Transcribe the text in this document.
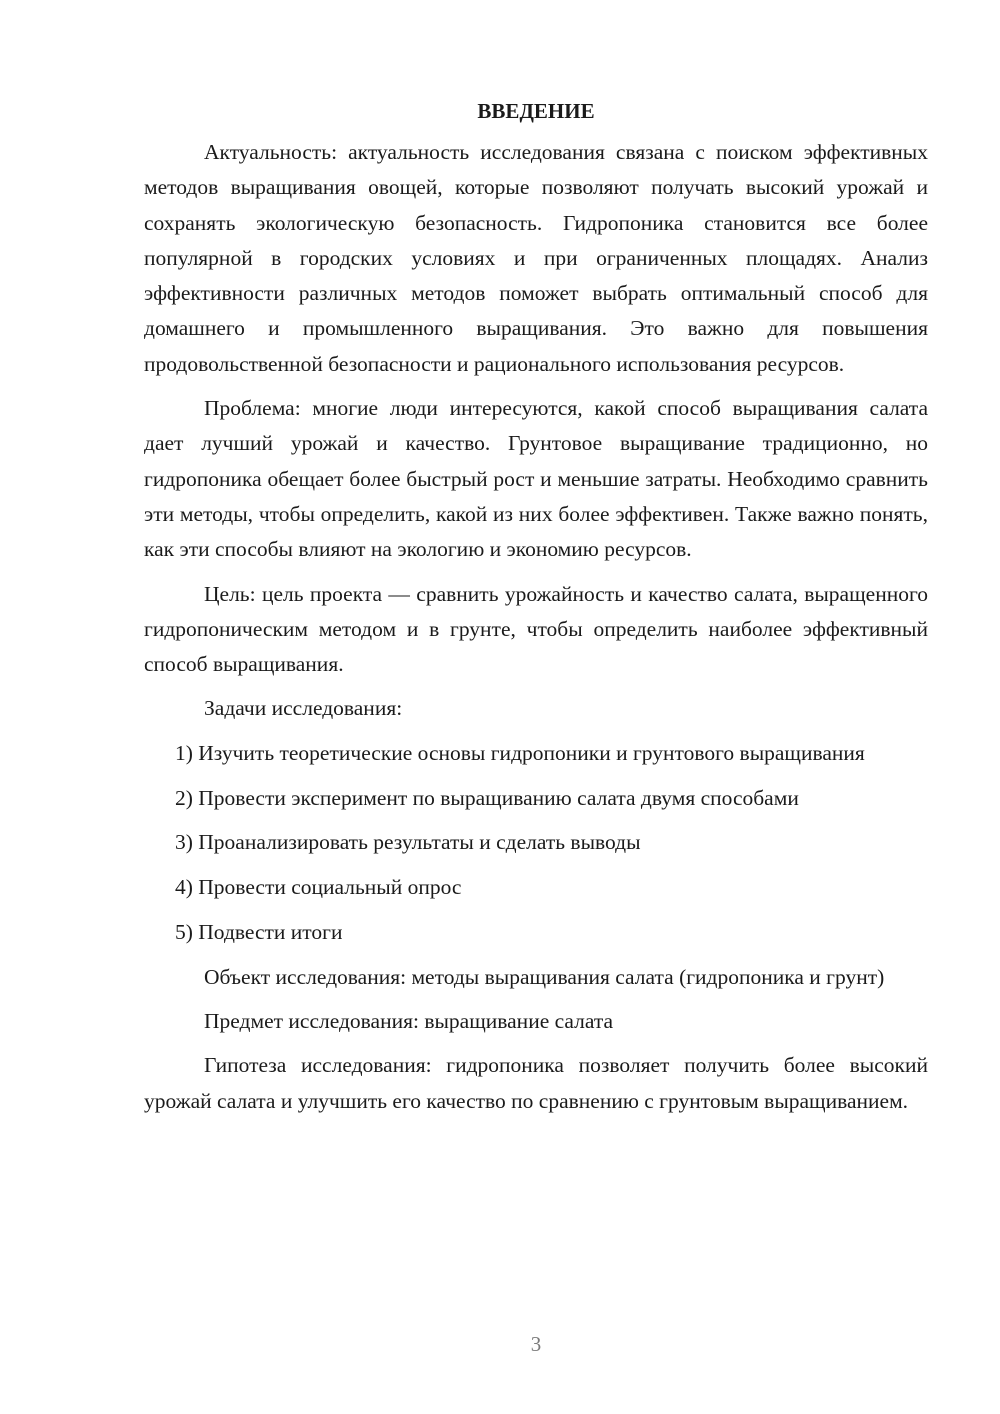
ВВЕДЕНИЕ

Актуальность: актуальность исследования связана с поиском эффективных методов выращивания овощей, которые позволяют получать высокий урожай и сохранять экологическую безопасность. Гидропоника становится все более популярной в городских условиях и при ограниченных площадях. Анализ эффективности различных методов поможет выбрать оптимальный способ для домашнего и промышленного выращивания. Это важно для повышения продовольственной безопасности и рационального использования ресурсов.

Проблема: многие люди интересуются, какой способ выращивания салата дает лучший урожай и качество. Грунтовое выращивание традиционно, но гидропоника обещает более быстрый рост и меньшие затраты. Необходимо сравнить эти методы, чтобы определить, какой из них более эффективен. Также важно понять, как эти способы влияют на экологию и экономию ресурсов.

Цель: цель проекта — сравнить урожайность и качество салата, выращенного гидропоническим методом и в грунте, чтобы определить наиболее эффективный способ выращивания.

Задачи исследования:

1) Изучить теоретические основы гидропоники и грунтового выращивания

2) Провести эксперимент по выращиванию салата двумя способами

3) Проанализировать результаты и сделать выводы

4) Провести социальный опрос

5) Подвести итоги

Объект исследования: методы выращивания салата (гидропоника и грунт)

Предмет исследования: выращивание салата

Гипотеза исследования: гидропоника позволяет получить более высокий урожай салата и улучшить его качество по сравнению с грунтовым выращиванием.

3
